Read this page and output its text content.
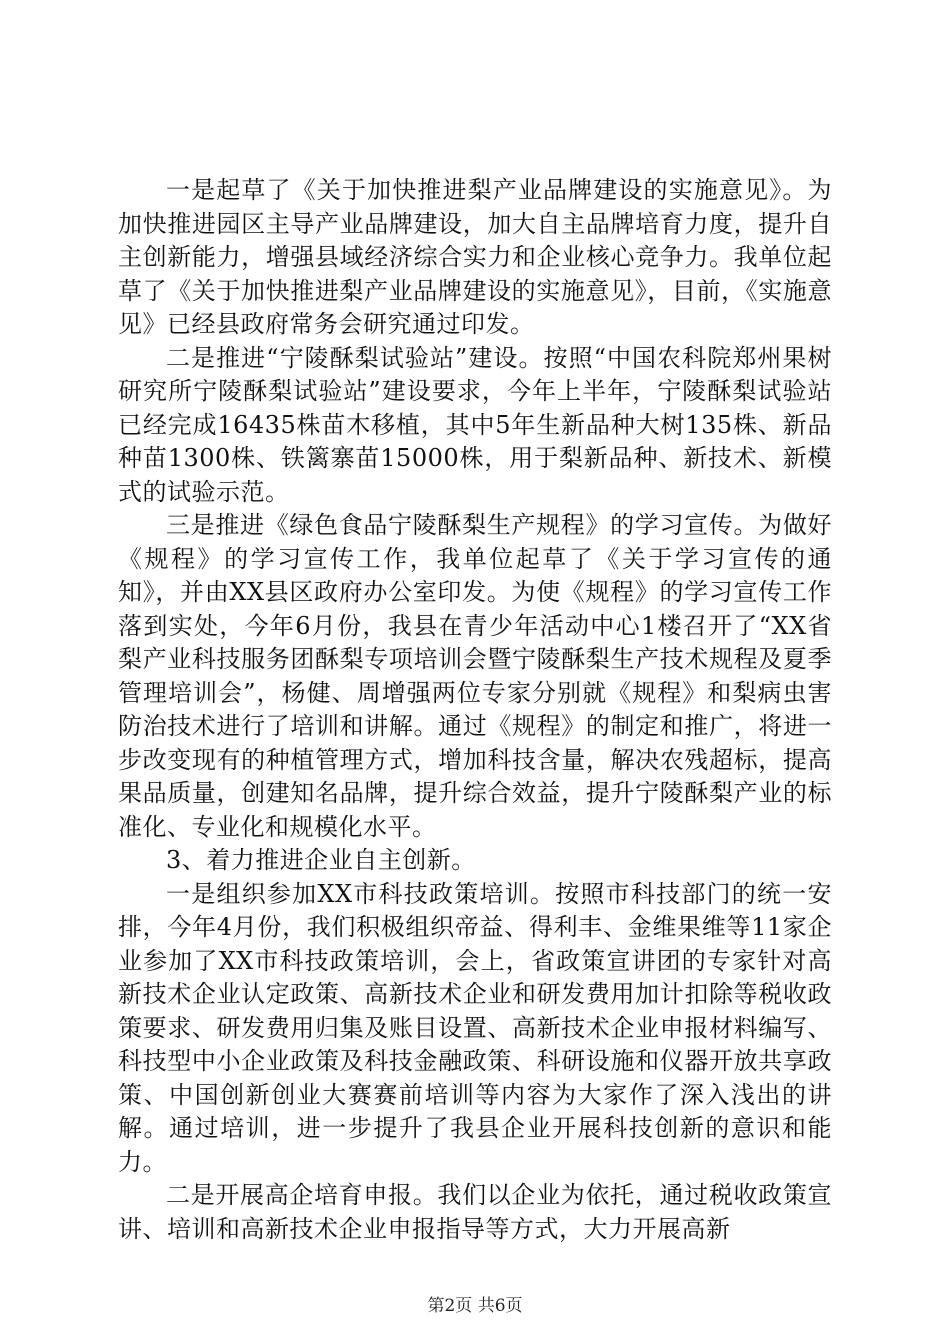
一是起草了《关于加快推进梨产业品牌建设的实施意见》。为加快推进园区主导产业品牌建设，加大自主品牌培育力度，提升自主创新能力，增强县域经济综合实力和企业核心竞争力。我单位起草了《关于加快推进梨产业品牌建设的实施意见》，目前，《实施意见》已经县政府常务会研究通过印发。

二是推进“宁陵酥梨试验站”建设。按照“中国农科院郑州果树研究所宁陵酥梨试验站”建设要求，今年上半年，宁陵酥梨试验站已经完成16435株苗木移植，其中5年生新品种大树135株、新品种苗1300株、铁篱寨苗15000株，用于梨新品种、新技术、新模式的试验示范。

三是推进《绿色食品宁陵酥梨生产规程》的学习宣传。为做好《规程》的学习宣传工作，我单位起草了《关于学习宣传的通知》，并由XX县区政府办公室印发。为使《规程》的学习宣传工作落到实处，今年6月份，我县在青少年活动中心1楼召开了“XX省梨产业科技服务团酥梨专项培训会暨宁陵酥梨生产技术规程及夏季管理培训会”，杨健、周增强两位专家分别就《规程》和梨病虫害防治技术进行了培训和讲解。通过《规程》的制定和推广，将进一步改变现有的种植管理方式，增加科技含量，解决农残超标，提高果品质量，创建知名品牌，提升综合效益，提升宁陵酥梨产业的标准化、专业化和规模化水平。

3、着力推进企业自主创新。

一是组织参加XX市科技政策培训。按照市科技部门的统一安排，今年4月份，我们积极组织帝益、得利丰、金维果维等11家企业参加了XX市科技政策培训，会上，省政策宣讲团的专家针对高新技术企业认定政策、高新技术企业和研发费用加计扣除等税收政策要求、研发费用归集及账目设置、高新技术企业申报材料编写、科技型中小企业政策及科技金融政策、科研设施和仪器开放共享政策、中国创新创业大赛赛前培训等内容为大家作了深入浅出的讲解。通过培训，进一步提升了我县企业开展科技创新的意识和能力。

二是开展高企培育申报。我们以企业为依托，通过税收政策宣讲、培训和高新技术企业申报指导等方式，大力开展高新

第2页 共6页
